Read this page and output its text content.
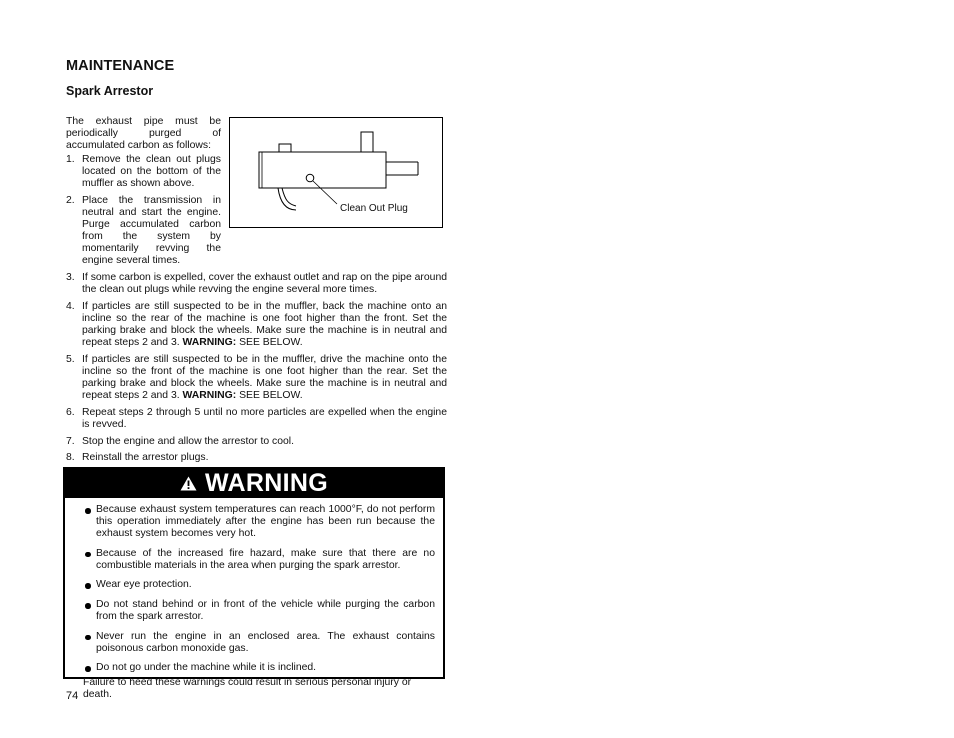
MAINTENANCE
Spark Arrestor

The exhaust pipe must be periodically purged of accumulated carbon as follows:

1. Remove the clean out plugs located on the bottom of the muffler as shown above.
2. Place the transmission in neutral and start the engine. Purge accumulated carbon from the system by momentarily revving the engine several times.
Clean Out Plug
3. If some carbon is expelled, cover the exhaust outlet and rap on the pipe around the clean out plugs while revving the engine several more times.
4. If particles are still suspected to be in the muffler, back the machine onto an incline so the rear of the machine is one foot higher than the front. Set the parking brake and block the wheels. Make sure the machine is in neutral and repeat steps 2 and 3. WARNING: SEE BELOW.
5. If particles are still suspected to be in the muffler, drive the machine onto the incline so the front of the machine is one foot higher than the rear. Set the parking brake and block the wheels. Make sure the machine is in neutral and repeat steps 2 and 3. WARNING: SEE BELOW.
6. Repeat steps 2 through 5 until no more particles are expelled when the engine is revved.
7. Stop the engine and allow the arrestor to cool.
8. Reinstall the arrestor plugs.
WARNING
Because exhaust system temperatures can reach 1000°F, do not perform this operation immediately after the engine has been run because the exhaust system becomes very hot.
Because of the increased fire hazard, make sure that there are no combustible materials in the area when purging the spark arrestor.
Wear eye protection.
Do not stand behind or in front of the vehicle while purging the carbon from the spark arrestor.
Never run the engine in an enclosed area. The exhaust contains poisonous carbon monoxide gas.
Do not go under the machine while it is inclined.

Failure to heed these warnings could result in serious personal injury or death.

74
